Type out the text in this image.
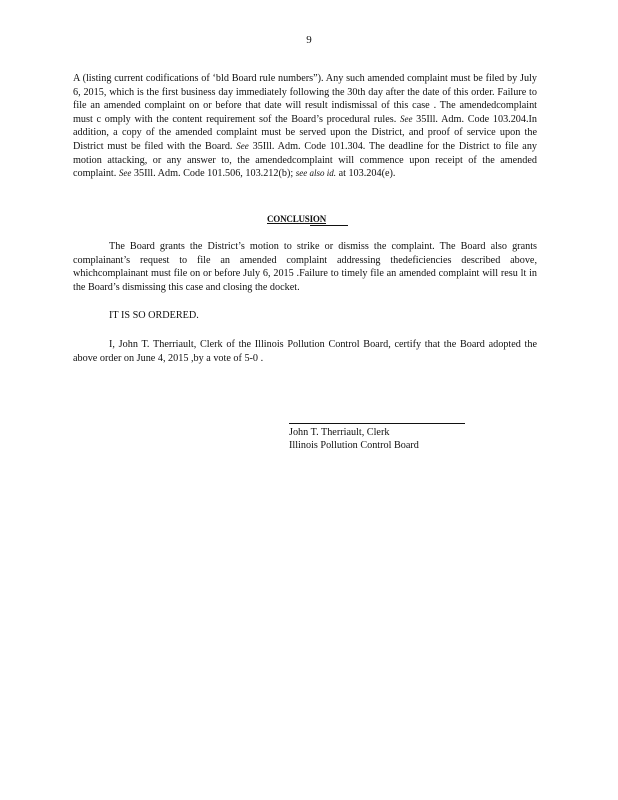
9

A (listing current codifications of ‘bld Board rule numbers”). Any such amended complaint must be filed by July 6, 2015, which is the first business day immediately following the 30th day after the date of this order. Failure to file an amended complaint on or before that date will result indismissal of this case . The amendedcomplaint must c omply with the content requirement sof the Board’s procedural rules. See 35Ill. Adm. Code 103.204.In addition, a copy of the amended complaint must be served upon the District, and proof of service upon the District must be filed with the Board. See 35Ill. Adm. Code 101.304. The deadline for the District to file any motion attacking, or any answer to, the amendedcomplaint will commence upon receipt of the amended complaint. See 35Ill. Adm. Code 101.506, 103.212(b); see also id. at 103.204(e).

CONCLUSION

The Board grants the District’s motion to strike or dismiss the complaint. The Board also grants complainant’s request to file an amended complaint addressing thedeficiencies described above, whichcomplainant must file on or before July 6, 2015 .Failure to timely file an amended complaint will resu lt in the Board’s dismissing this case and closing the docket.

IT IS SO ORDERED.

I, John T. Therriault, Clerk of the Illinois Pollution Control Board, certify that the Board adopted the above order on June 4, 2015 ,by a vote of 5-0 .

John T. Therriault, Clerk
Illinois Pollution Control Board
